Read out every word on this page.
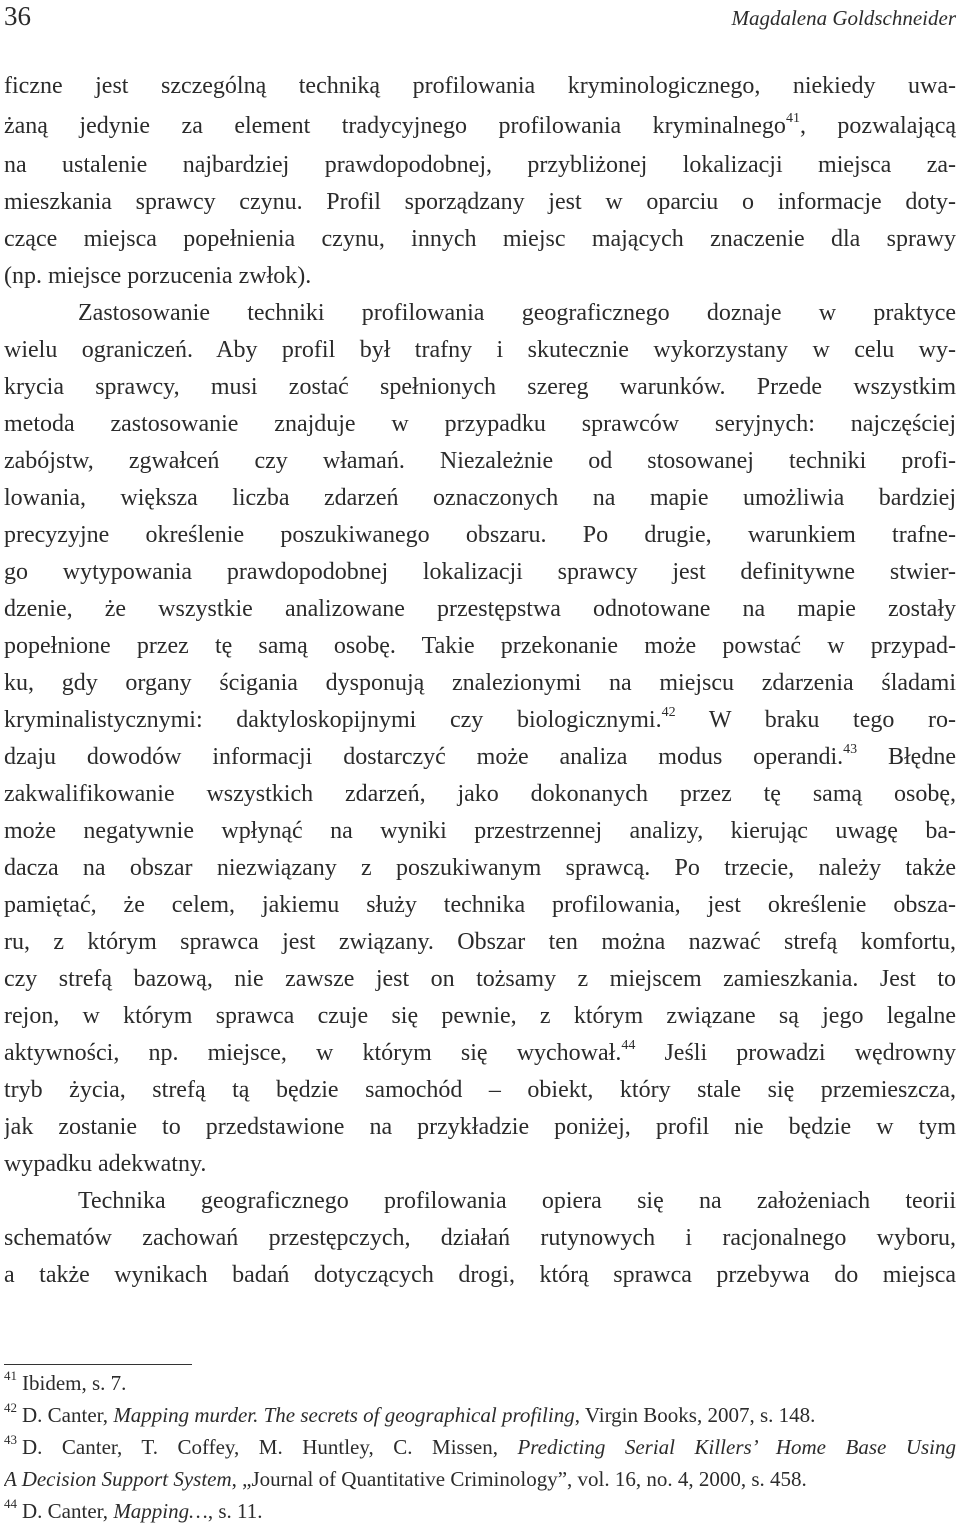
36	Magdalena Goldschneider
ficzne jest szczególną techniką profilowania kryminologicznego, niekiedy uwa-
żaną jedynie za element tradycyjnego profilowania kryminalnego$^{41}$, pozwalającą
na ustalenie najbardziej prawdopodobnej, przybliżonej lokalizacji miejsca za-
mieszkania sprawcy czynu. Profil sporządzany jest w oparciu o informacje doty-
czące miejsca popełnienia czynu, innych miejsc mających znaczenie dla sprawy
(np. miejsce porzucenia zwłok).
Zastosowanie techniki profilowania geograficznego doznaje w praktyce
wielu ograniczeń. Aby profil był trafny i skutecznie wykorzystany w celu wy-
krycia sprawcy, musi zostać spełnionych szereg warunków. Przede wszystkim
metoda zastosowanie znajduje w przypadku sprawców seryjnych: najczęściej
zabójstw, zgwałceń czy włamań. Niezależnie od stosowanej techniki profi-
lowania, większa liczba zdarzeń oznaczonych na mapie umożliwia bardziej
precyzyjne określenie poszukiwanego obszaru. Po drugie, warunkiem trafne-
go wytypowania prawdopodobnej lokalizacji sprawcy jest definitywne stwier-
dzenie, że wszystkie analizowane przestępstwa odnotowane na mapie zostały
popełnione przez tę samą osobę. Takie przekonanie może powstać w przypad-
ku, gdy organy ścigania dysponują znalezionymi na miejscu zdarzenia śladami
kryminalistycznymi: daktyloskopijnymi czy biologicznymi.$^{42}$ W braku tego ro-
dzaju dowodów informacji dostarczyć może analiza modus operandi.$^{43}$ Błędne
zakwalifikowanie wszystkich zdarzeń, jako dokonanych przez tę samą osobę,
może negatywnie wpłynąć na wyniki przestrzennej analizy, kierując uwagę ba-
dacza na obszar niezwiązany z poszukiwanym sprawcą. Po trzecie, należy także
pamiętać, że celem, jakiemu służy technika profilowania, jest określenie obsza-
ru, z którym sprawca jest związany. Obszar ten można nazwać strefą komfortu,
czy strefą bazową, nie zawsze jest on tożsamy z miejscem zamieszkania. Jest to
rejon, w którym sprawca czuje się pewnie, z którym związane są jego legalne
aktywności, np. miejsce, w którym się wychował.$^{44}$ Jeśli prowadzi wędrowny
tryb życia, strefą tą będzie samochód – obiekt, który stale się przemieszcza,
jak zostanie to przedstawione na przykładzie poniżej, profil nie będzie w tym
wypadku adekwatny.
Technika geograficznego profilowania opiera się na założeniach teorii
schematów zachowań przestępczych, działań rutynowych i racjonalnego wyboru,
a także wynikach badań dotyczących drogi, którą sprawca przebywa do miejsca
41 Ibidem, s. 7.
42 D. Canter, Mapping murder. The secrets of geographical profiling, Virgin Books, 2007, s. 148.
43 D. Canter, T. Coffey, M. Huntley, C. Missen, Predicting Serial Killers’ Home Base Using
A Decision Support System, „Journal of Quantitative Criminology”, vol. 16, no. 4, 2000, s. 458.
44 D. Canter, Mapping…, s. 11.
